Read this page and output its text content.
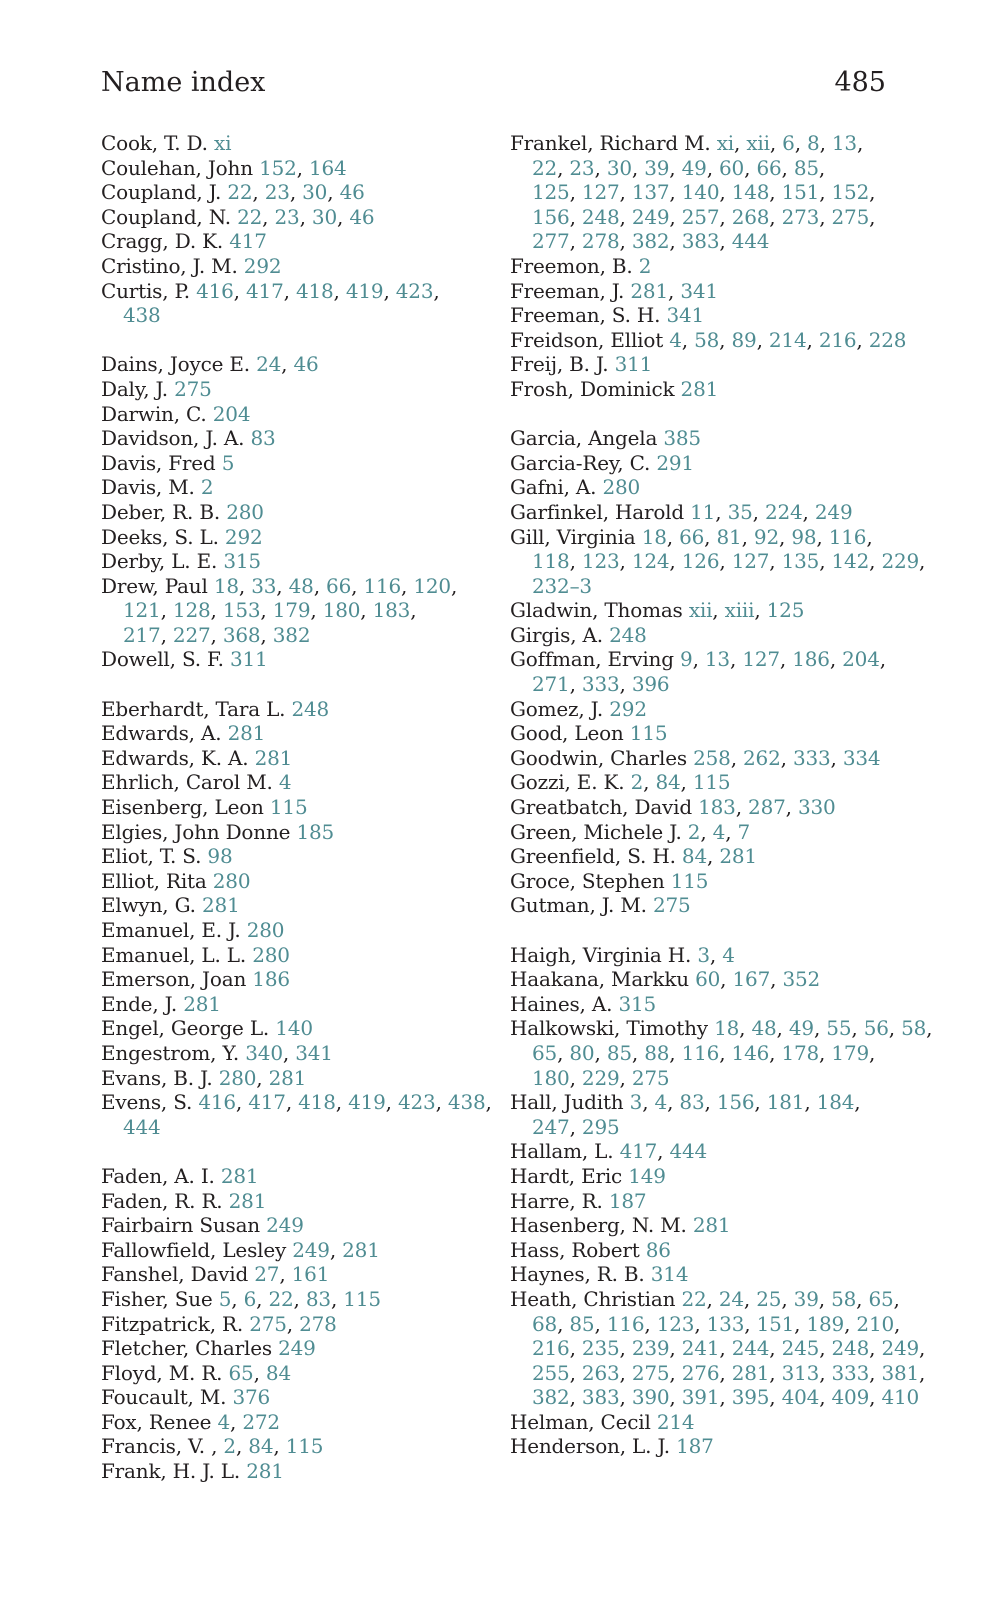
Name index	485
Cook, T. D. xi
Coulehan, John 152, 164
Coupland, J. 22, 23, 30, 46
Coupland, N. 22, 23, 30, 46
Cragg, D. K. 417
Cristino, J. M. 292
Curtis, P. 416, 417, 418, 419, 423,
438
Dains, Joyce E. 24, 46
Daly, J. 275
Darwin, C. 204
Davidson, J. A. 83
Davis, Fred 5
Davis, M. 2
Deber, R. B. 280
Deeks, S. L. 292
Derby, L. E. 315
Drew, Paul 18, 33, 48, 66, 116, 120,
121, 128, 153, 179, 180, 183,
217, 227, 368, 382
Dowell, S. F. 311
Eberhardt, Tara L. 248
Edwards, A. 281
Edwards, K. A. 281
Ehrlich, Carol M. 4
Eisenberg, Leon 115
Elgies, John Donne 185
Eliot, T. S. 98
Elliot, Rita 280
Elwyn, G. 281
Emanuel, E. J. 280
Emanuel, L. L. 280
Emerson, Joan 186
Ende, J. 281
Engel, George L. 140
Engestrom, Y. 340, 341
Evans, B. J. 280, 281
Evens, S. 416, 417, 418, 419, 423, 438,
444
Faden, A. I. 281
Faden, R. R. 281
Fairbairn Susan 249
Fallowfield, Lesley 249, 281
Fanshel, David 27, 161
Fisher, Sue 5, 6, 22, 83, 115
Fitzpatrick, R. 275, 278
Fletcher, Charles 249
Floyd, M. R. 65, 84
Foucault, M. 376
Fox, Renee 4, 272
Francis, V. , 2, 84, 115
Frank, H. J. L. 281
Frankel, Richard M. xi, xii, 6, 8, 13,
22, 23, 30, 39, 49, 60, 66, 85,
125, 127, 137, 140, 148, 151, 152,
156, 248, 249, 257, 268, 273, 275,
277, 278, 382, 383, 444
Freemon, B. 2
Freeman, J. 281, 341
Freeman, S. H. 341
Freidson, Elliot 4, 58, 89, 214, 216, 228
Freij, B. J. 311
Frosh, Dominick 281
Garcia, Angela 385
Garcia-Rey, C. 291
Gafni, A. 280
Garfinkel, Harold 11, 35, 224, 249
Gill, Virginia 18, 66, 81, 92, 98, 116,
118, 123, 124, 126, 127, 135, 142, 229,
232–3
Gladwin, Thomas xii, xiii, 125
Girgis, A. 248
Goffman, Erving 9, 13, 127, 186, 204,
271, 333, 396
Gomez, J. 292
Good, Leon 115
Goodwin, Charles 258, 262, 333, 334
Gozzi, E. K. 2, 84, 115
Greatbatch, David 183, 287, 330
Green, Michele J. 2, 4, 7
Greenfield, S. H. 84, 281
Groce, Stephen 115
Gutman, J. M. 275
Haigh, Virginia H. 3, 4
Haakana, Markku 60, 167, 352
Haines, A. 315
Halkowski, Timothy 18, 48, 49, 55, 56, 58,
65, 80, 85, 88, 116, 146, 178, 179,
180, 229, 275
Hall, Judith 3, 4, 83, 156, 181, 184,
247, 295
Hallam, L. 417, 444
Hardt, Eric 149
Harre, R. 187
Hasenberg, N. M. 281
Hass, Robert 86
Haynes, R. B. 314
Heath, Christian 22, 24, 25, 39, 58, 65,
68, 85, 116, 123, 133, 151, 189, 210,
216, 235, 239, 241, 244, 245, 248, 249,
255, 263, 275, 276, 281, 313, 333, 381,
382, 383, 390, 391, 395, 404, 409, 410
Helman, Cecil 214
Henderson, L. J. 187
